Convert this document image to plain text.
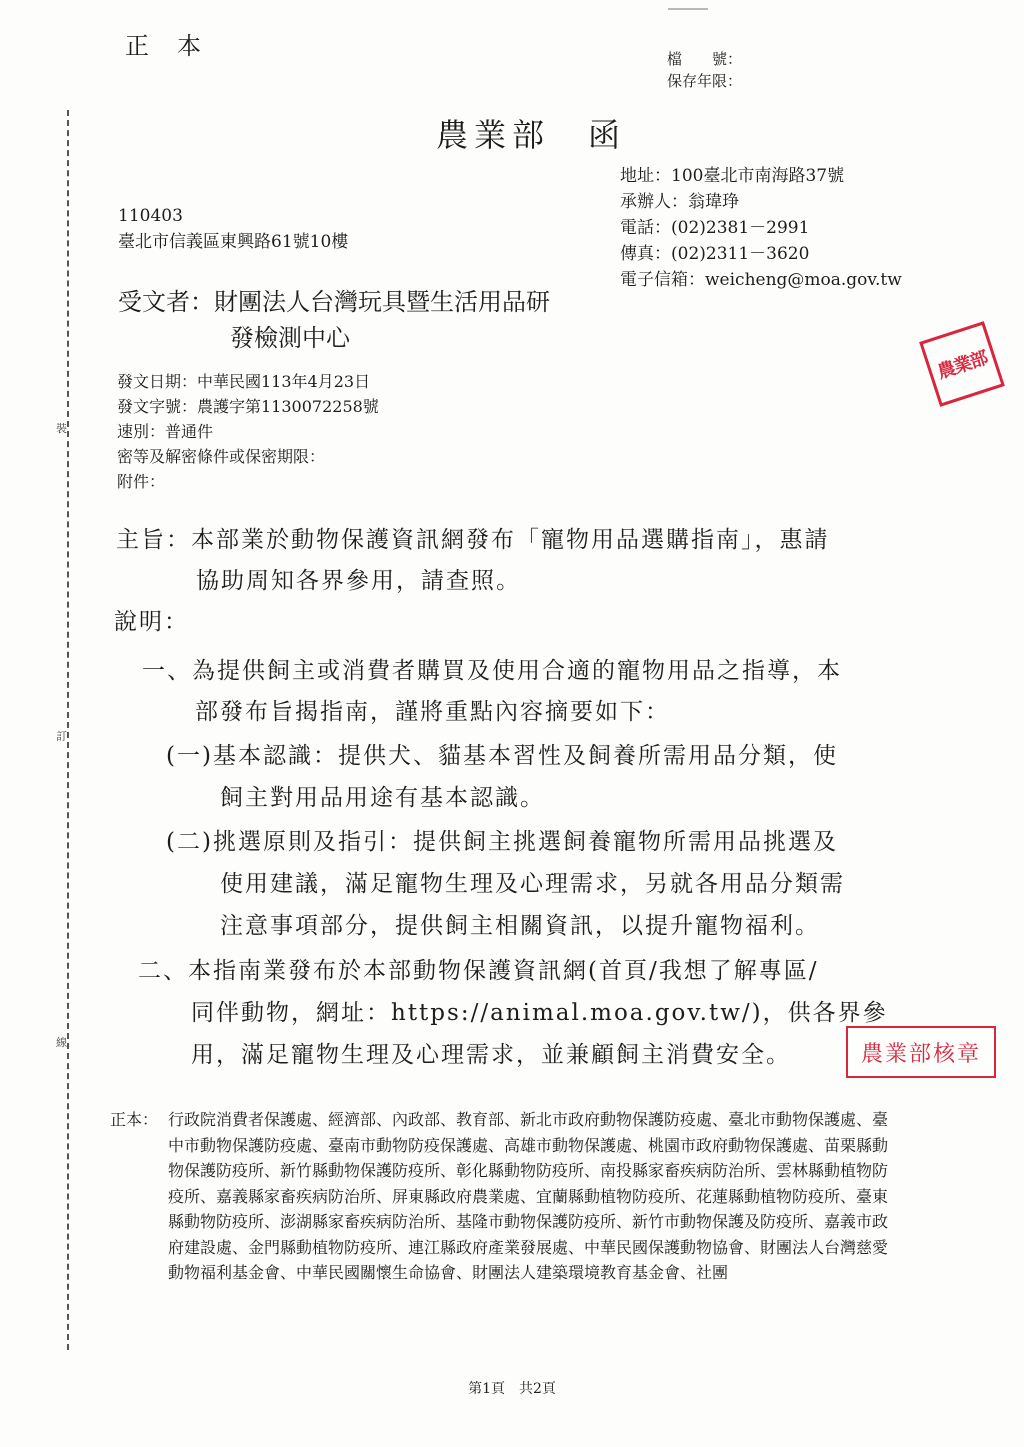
正本	檔　　號：
保存年限：
裝
訂
線
農業部　函
地址：100臺北市南海路37號
承辦人：翁瑋琤
電話：(02)2381－2991
傳真：(02)2311－3620
電子信箱：weicheng@moa.gov.tw
110403
臺北市信義區東興路61號10樓
受文者：財團法人台灣玩具暨生活用品研
發檢測中心
農業部
發文日期：中華民國113年4月23日
發文字號：農護字第1130072258號
速別：普通件
密等及解密條件或保密期限：
附件：
主旨：本部業於動物保護資訊網發布「寵物用品選購指南」，惠請
協助周知各界參用，請查照。
說明：
一、為提供飼主或消費者購買及使用合適的寵物用品之指導，本
部發布旨揭指南，謹將重點內容摘要如下：
(一)基本認識：提供犬、貓基本習性及飼養所需用品分類，使
飼主對用品用途有基本認識。
(二)挑選原則及指引：提供飼主挑選飼養寵物所需用品挑選及
使用建議，滿足寵物生理及心理需求，另就各用品分類需
注意事項部分，提供飼主相關資訊，以提升寵物福利。
二、本指南業發布於本部動物保護資訊網(首頁/我想了解專區/
同伴動物，網址：https://animal.moa.gov.tw/)，供各界參
用，滿足寵物生理及心理需求，並兼顧飼主消費安全。	農業部核章
正本： 行政院消費者保護處、經濟部、內政部、教育部、新北市政府動物保護防疫處、臺北市動物保護處、臺中市動物保護防疫處、臺南市動物防疫保護處、高雄市動物保護處、桃園市政府動物保護處、苗栗縣動物保護防疫所、新竹縣動物保護防疫所、彰化縣動物防疫所、南投縣家畜疾病防治所、雲林縣動植物防疫所、嘉義縣家畜疾病防治所、屏東縣政府農業處、宜蘭縣動植物防疫所、花蓮縣動植物防疫所、臺東縣動物防疫所、澎湖縣家畜疾病防治所、基隆市動物保護防疫所、新竹市動物保護及防疫所、嘉義市政府建設處、金門縣動植物防疫所、連江縣政府產業發展處、中華民國保護動物協會、財團法人台灣慈愛動物福利基金會、中華民國關懷生命協會、財團法人建築環境教育基金會、社團
第1頁　共2頁
